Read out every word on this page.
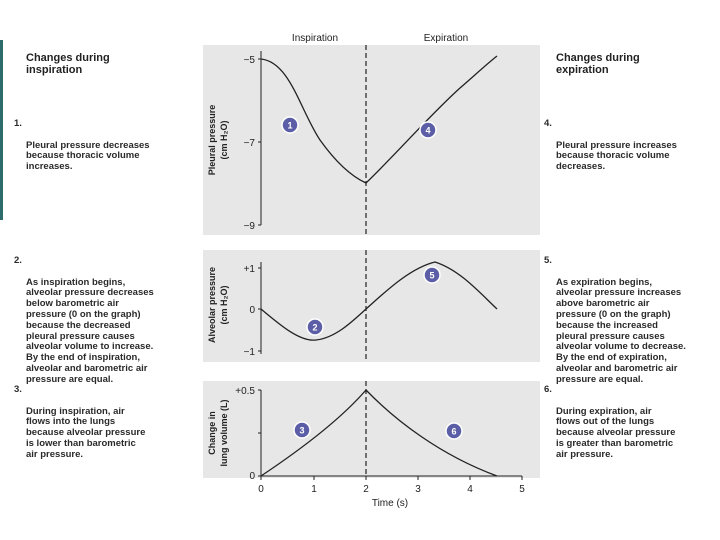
Changes during
inspiration

1.

Pleural pressure decreases
because thoracic volume
increases.

2.

As inspiration begins,
alveolar pressure decreases
below barometric air
pressure (0 on the graph)
because the decreased
pleural pressure causes
alveolar volume to increase.
By the end of inspiration,
alveolar and barometric air
pressure are equal.

3.

During inspiration, air
flows into the lungs
because alveolar pressure
is lower than barometric
air pressure.

Changes during
expiration

4.

Pleural pressure increases
because thoracic volume
decreases.

5.

As expiration begins,
alveolar pressure increases
above barometric air
pressure (0 on the graph)
because the increased
pleural pressure causes
alveolar volume to decrease.
By the end of expiration,
alveolar and barometric air
pressure are equal.

6.

During expiration, air
flows out of the lungs
because alveolar pressure
is greater than barometric
air pressure.

Inspiration	Expiration
Pleural pressure (cm H₂O)
−5
−7
−9
1	4
Alveolar pressure (cm H₂O)
+1
0
−1
2
5
Change in lung volume (L)
+0.5
0
3	6
0	1	2	3	4	5
Time (s)
